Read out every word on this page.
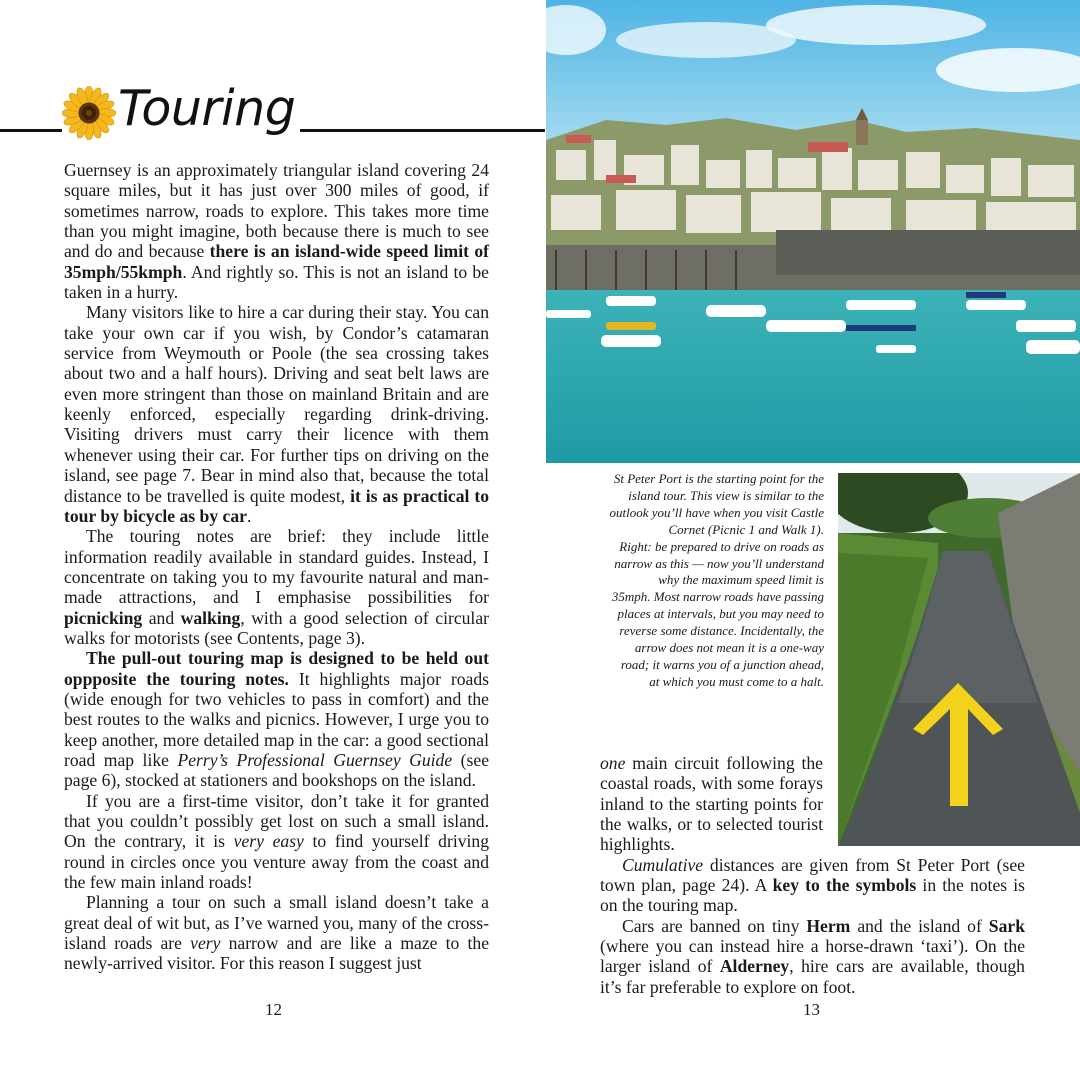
Touring

Guernsey is an approximately triangular island covering 24 square miles, but it has just over 300 miles of good, if sometimes narrow, roads to explore. This takes more time than you might imagine, both because there is much to see and do and because there is an island-wide speed limit of 35mph/55kmph. And rightly so. This is not an island to be taken in a hurry.

Many visitors like to hire a car during their stay. You can take your own car if you wish, by Condor’s catamaran service from Weymouth or Poole (the sea crossing takes about two and a half hours). Driving and seat belt laws are even more stringent than those on mainland Britain and are keenly enforced, especially regarding drink-driving. Visiting drivers must carry their licence with them whenever using their car. For further tips on driving on the island, see page 7. Bear in mind also that, because the total distance to be travelled is quite modest, it is as practical to tour by bicycle as by car.

The touring notes are brief: they include little information readily available in standard guides. Instead, I concentrate on taking you to my favourite natural and man-made attractions, and I emphasise possibilities for picnicking and walking, with a good selection of circular walks for motorists (see Contents, page 3).

The pull-out touring map is designed to be held out oppposite the touring notes. It highlights major roads (wide enough for two vehicles to pass in comfort) and the best routes to the walks and picnics. However, I urge you to keep another, more detailed map in the car: a good sectional road map like Perry’s Professional Guernsey Guide (see page 6), stocked at stationers and bookshops on the island.

If you are a first-time visitor, don’t take it for granted that you couldn’t possibly get lost on such a small island. On the contrary, it is very easy to find yourself driving round in circles once you venture away from the coast and the few main inland roads!

Planning a tour on such a small island doesn’t take a great deal of wit but, as I’ve warned you, many of the cross-island roads are very narrow and are like a maze to the newly-arrived visitor. For this reason I suggest just

St Peter Port is the starting point for the
island tour. This view is similar to the
outlook you’ll have when you visit Castle
Cornet (Picnic 1 and Walk 1).
Right: be prepared to drive on roads as
narrow as this — now you’ll understand
why the maximum speed limit is
35mph. Most narrow roads have passing
places at intervals, but you may need to
reverse some distance. Incidentally, the
arrow does not mean it is a one-way
road; it warns you of a junction ahead,
at which you must come to a halt.

one main circuit following the coastal roads, with some forays inland to the starting points for the walks, or to selected tourist highlights.

Cumulative distances are given from St Peter Port (see town plan, page 24). A key to the symbols in the notes is on the touring map.

Cars are banned on tiny Herm and the island of Sark (where you can instead hire a horse-drawn ‘taxi’). On the larger island of Alderney, hire cars are available, though it’s far preferable to explore on foot.

12	13
